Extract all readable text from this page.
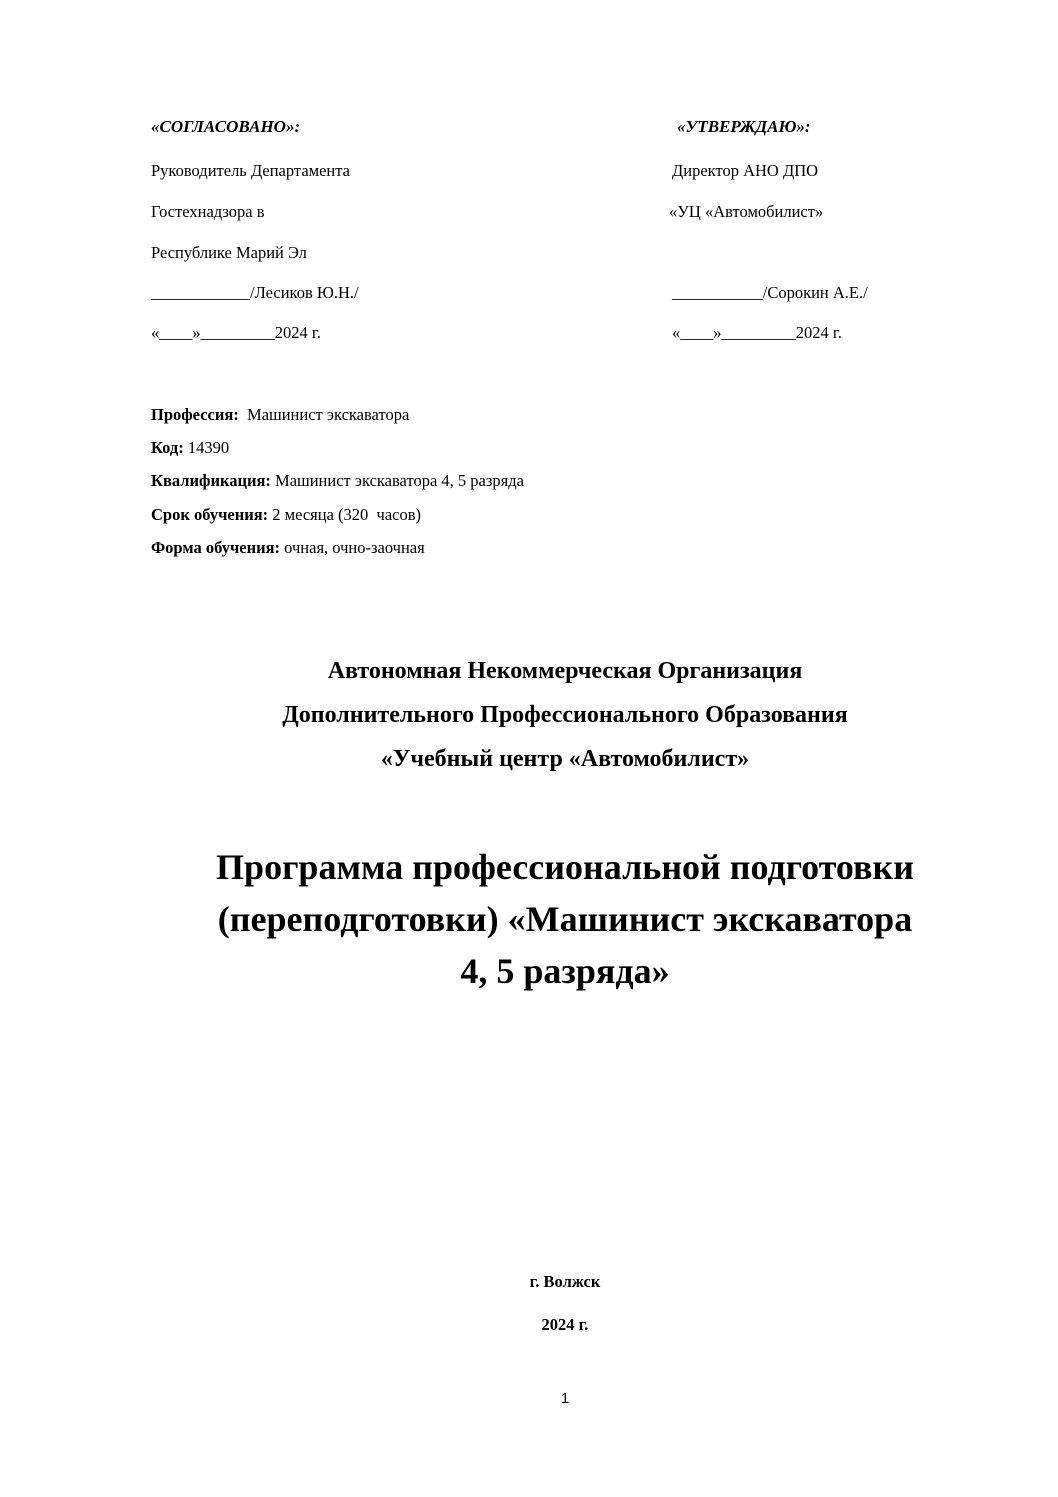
«СОГЛАСОВАНО»:
Руководитель Департамента
Гостехнадзора в
Республике Марий Эл
____________/Лесиков Ю.Н./
«____»_________2024 г.
«УТВЕРЖДАЮ»:
Директор АНО ДПО
«УЦ «Автомобилист»
___________/Сорокин А.Е./
«____»_________2024 г.
Профессия:  Машинист экскаватора
Код: 14390
Квалификация: Машинист экскаватора 4, 5 разряда
Срок обучения: 2 месяца (320  часов)
Форма обучения: очная, очно-заочная
Автономная Некоммерческая Организация
Дополнительного Профессионального Образования
«Учебный центр «Автомобилист»
Программа профессиональной подготовки
(переподготовки) «Машинист экскаватора
4, 5 разряда»
г. Волжск
2024 г.
1
